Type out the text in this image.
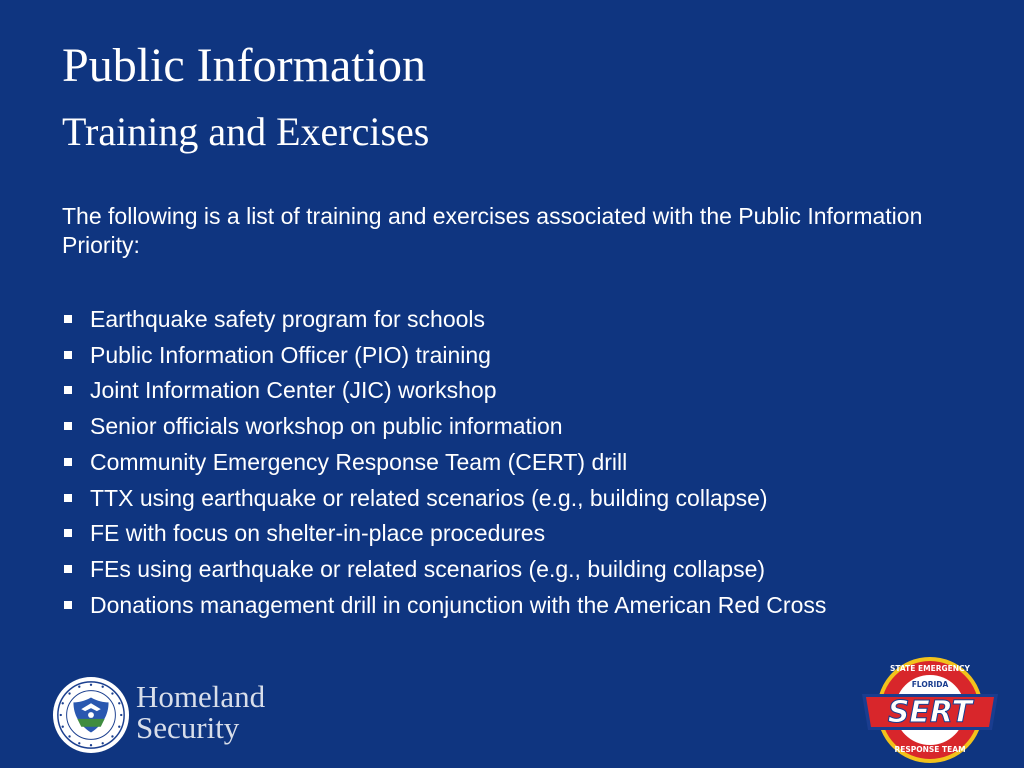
Public Information
Training and Exercises

The following is a list of training and exercises associated with the Public Information Priority:

Earthquake safety program for schools
Public Information Officer (PIO) training
Joint Information Center (JIC) workshop
Senior officials workshop on public information
Community Emergency Response Team (CERT) drill
TTX using earthquake or related scenarios (e.g., building collapse)
FE with focus on shelter-in-place procedures
FEs using earthquake or related scenarios (e.g., building collapse)
Donations management drill in conjunction with the American Red Cross
Homeland
Security	SERT
STATE EMERGENCY
FLORIDA
RESPONSE TEAM
